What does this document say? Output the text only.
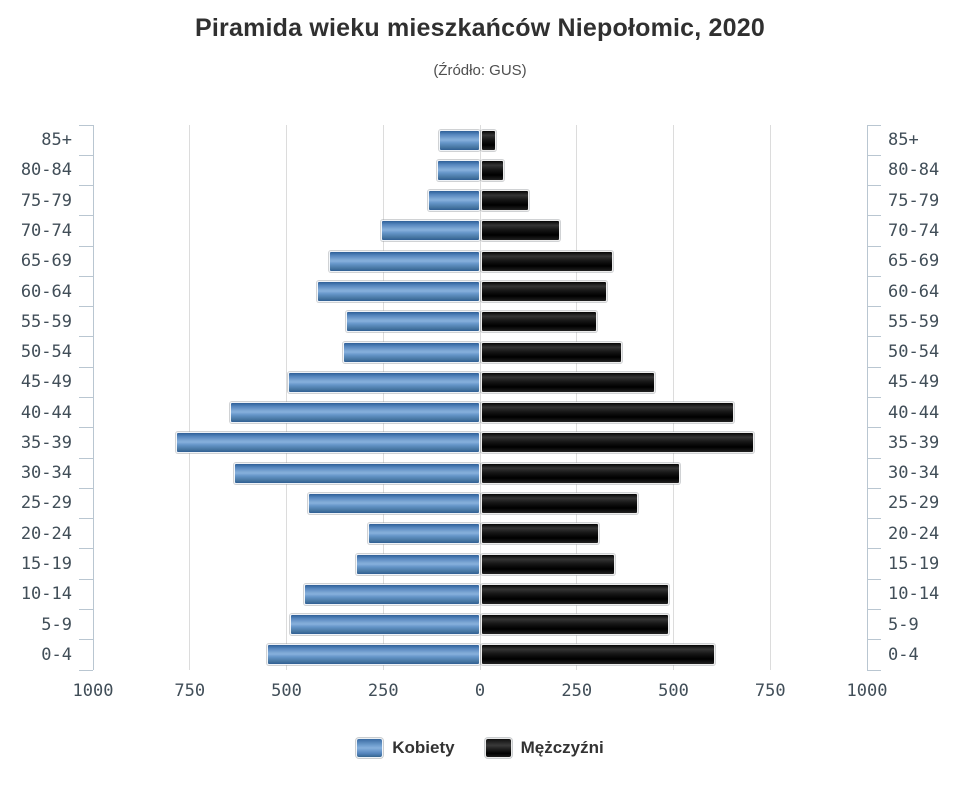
Piramida wieku mieszkańców Niepołomic, 2020
(Źródło: GUS)
Kobiety	Mężczyźni
1000	750	500	250	0	250	500	750	1000
85+	85+
80-84	80-84
75-79	75-79
70-74	70-74
65-69	65-69
60-64	60-64
55-59	55-59
50-54	50-54
45-49	45-49
40-44	40-44
35-39	35-39
30-34	30-34
25-29	25-29
20-24	20-24
15-19	15-19
10-14	10-14
5-9	5-9
0-4	0-4
